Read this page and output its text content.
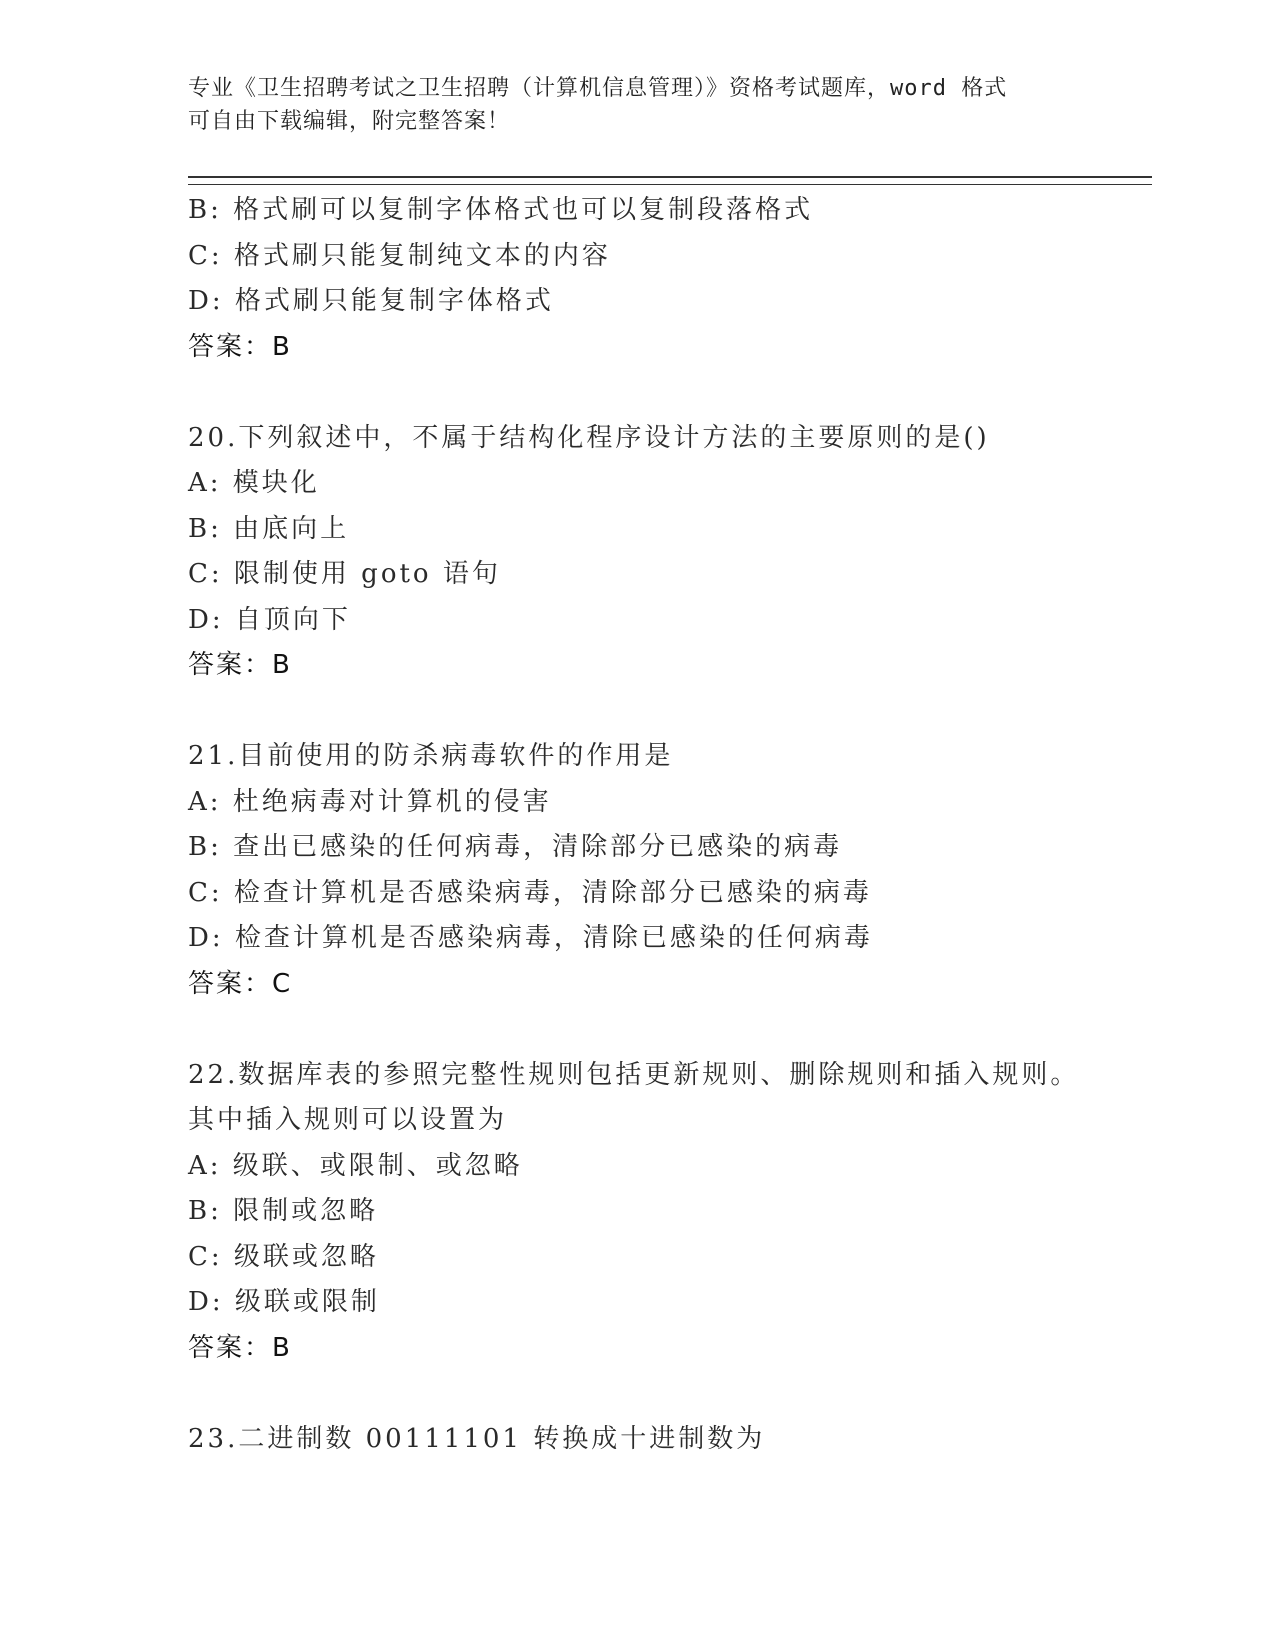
专业《卫生招聘考试之卫生招聘（计算机信息管理）》资格考试题库，word 格式
可自由下载编辑，附完整答案！
B: 格式刷可以复制字体格式也可以复制段落格式
C: 格式刷只能复制纯文本的内容
D: 格式刷只能复制字体格式
答案：B
20.下列叙述中，不属于结构化程序设计方法的主要原则的是()
A: 模块化
B: 由底向上
C: 限制使用 goto 语句
D: 自顶向下
答案：B
21.目前使用的防杀病毒软件的作用是
A: 杜绝病毒对计算机的侵害
B: 查出已感染的任何病毒，清除部分已感染的病毒
C: 检查计算机是否感染病毒，清除部分已感染的病毒
D: 检查计算机是否感染病毒，清除已感染的任何病毒
答案：C
22.数据库表的参照完整性规则包括更新规则、删除规则和插入规则。
其中插入规则可以设置为
A: 级联、或限制、或忽略
B: 限制或忽略
C: 级联或忽略
D: 级联或限制
答案：B
23.二进制数 00111101 转换成十进制数为
